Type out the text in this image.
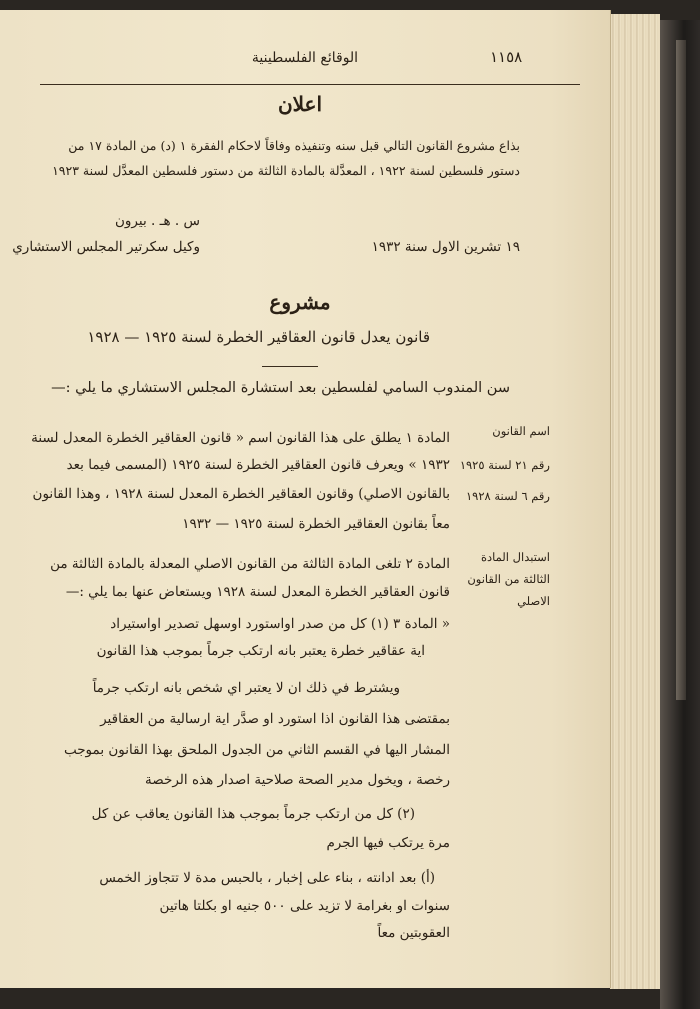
الوقائع الفلسطينية	١١٥٨
اعلان
بذاع مشروع القانون التالي قبل سنه وتنفيذه وفاقاً لاحكام الفقرة ١ (د) من المادة ١٧ من
دستور فلسطين لسنة ١٩٢٢ ، المعدَّلة بالمادة الثالثة من دستور فلسطين المعدَّل لسنة ١٩٢٣
س . هـ . بيرون
وكيل سكرتير المجلس الاستشاري	١٩ تشرين الاول سنة ١٩٣٢
مشروع
قانون يعدل قانون العقاقير الخطرة لسنة ١٩٢٥ — ١٩٢٨
سن المندوب السامي لفلسطين بعد استشارة المجلس الاستشاري ما يلي :—
اسم القانون
رقم ٢١ لسنة ١٩٢٥
رقم ٦ لسنة ١٩٢٨
المادة ١ يطلق على هذا القانون اسم « قانون العقاقير الخطرة المعدل لسنة
١٩٣٢ » ويعرف قانون العقاقير الخطرة لسنة ١٩٢٥ (المسمى فيما بعد
بالقانون الاصلي) وقانون العقاقير الخطرة المعدل لسنة ١٩٢٨ ، وهذا القانون
معاً بقانون العقاقير الخطرة لسنة ١٩٢٥ — ١٩٣٢
استبدال المادة
الثالثة من القانون
الاصلي
المادة ٢ تلغى المادة الثالثة من القانون الاصلي المعدلة بالمادة الثالثة من
قانون العقاقير الخطرة المعدل لسنة ١٩٢٨ ويستعاض عنها بما يلي :—
« المادة ٣ (١) كل من صدر اواستورد اوسهل تصدير اواستيراد
اية عقاقير خطرة يعتبر بانه ارتكب جرماً بموجب هذا القانون
ويشترط في ذلك ان لا يعتبر اي شخص بانه ارتكب جرماً
بمقتضى هذا القانون اذا استورد او صدَّر اية ارسالية من العقاقير
المشار اليها في القسم الثاني من الجدول الملحق بهذا القانون بموجب
رخصة ، ويخول مدير الصحة صلاحية اصدار هذه الرخصة
(٢) كل من ارتكب جرماً بموجب هذا القانون يعاقب عن كل
مرة يرتكب فيها الجرم
(أ) بعد ادانته ، بناء على إخبار ، بالحبس مدة لا تتجاوز الخمس
سنوات او بغرامة لا تزيد على ٥٠٠ جنيه او بكلتا هاتين
العقوبتين معاً
